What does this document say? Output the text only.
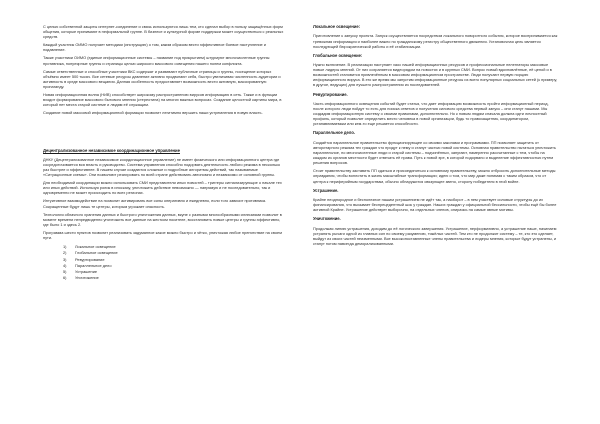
С целью собственной защиты интернет-соединение и связь используются лишь тем, кто сделал выбор в пользу защищённых форм общения, которые принимают в неформальной группе. В бизнесе и культурной форме поддержки может осуществиться с реальных средств.

Каждый участник ОИМО получает методики (инструкцию) о том, каким образом вести эффективное боевое наступление и подавление.

Также участники ОИМО (единые информационные системы – название под прикрытием) штурмуют многочисленные группы противника, популярные группы и страницы целью широкого массового освещения нашего полем конфликта.

Самые ответственные и способные участники ВКС содержат и развивают публичные страницы и группы, посещение которых объёмно имеет 500 тысяч. Все сетевые ресурсы давление активно продвигают себя, быстро увеличивая численность аудитории и активность в среде массового вещания. Данная особенность предоставляет возможность вести активную, массированную пропаганду.

Новая информационная волна (НИВ) способствует широкому распространению вирусов информацию в сеть. Также и в функции входит формирование массового бытового мнения (стереотипа) на многих важных вопросах. Создание целостной картины мира, в который нет места старой системе и людям её служащим.

Создание новой массовой информационной формации позволит легитимно вершить наши устремления в новую власть.

Децентрализованное независимое координационное управление

ДНКУ (Децентрализованное независимое координационное управление) не имеет физического или информационного центра где сосредоточивается вся власть и руководство. Система управления способно подорвать деятельность любого режима в несколько раз быстрее и эффективнее. В нашем случае создаются сложные и подробные алгоритмы действий, так называемые «Ситуационные схемы». Они позволяют реагировать по всей стране действовать автономно и независимо от основной группы.

Для необходимой координации можно использовать СМИ представители иных новостей – триггеры сигнализирующие о начале тех или иных действий. Используя ролик в иносказу, уничтожить действие невозможно — напрямую и не последовательно, так и одновременно не может происходить по всех регионах.

Интуитивное взаимодействие на позволит активировать все силы оперативно и ежедневно, если того зависит противника. Сокращенные будут лишь те центры, которым угрожает опасность.

Технология облачного хранения данных и быстрого уничтожения данных, вкупе с разными многообразными иллюзиями позволит в момент времени непредвиденно уничтожить все данные на жестком носителе, восстановить новые центры и группы эффективно, где было 1 и здесь 2.

Программа шести пунктов позволит реализовать задуманное какое можно быстро и чётко, уничтожая любое препятствие на своем пути.

1)	Локальное освещение
2)	Глобальное освещение
3)	Ревуртирование
4)	Параллельное дело
5)	Устрашение
6)	Уничтожение
Локальное освещение:

Приготовление к запуску проекта. Запуск осуществляется посредством локального поворотного события, которое воспринимается как тревожная информация и наиболее важно по гражданскому регистру общественного движения. Установочная цель является последующей бюрократической работы и её стабилизации.

Глобальное освещение:

Нужно включение. В реализации наступает хаос нашей информационных ресурсов и профессиональные пеленгаторы массовые новые лидеры мнений. От них сохраняется видеорядом на новостях и в крупных СМИ. Вопрос новый вдохновлённые, её ценой и в возможностей становится привлечённым в массовом информационном пространстве. Люди получают первую порцию информационного вируса. В это же время мы запустим информационные ресурсы из всего популярных социальных сетей (к примеру, в другое, ведущих) для лучшего распространения из последователей.

Ревуртирование.

Часть информационного освещения событий будет статья, что дает информацию возможность пройти информационный период, после которого люди пойдут то есть для поиска ответов и получения силового средства первый запуск – они станут нашими. Мы создадим информационную систему о своими правилами, дополнительно. Но к новым людям сначала должна идти личностный профиль, который позволит определить место человека в новой организации, будь то правозащитник, координатором, устанавливаемым или кем-то еще решается способности.

Параллельное дело.

Создаётся параллельное правительство функционирующее со своими законами и программами. ПП позволяет защитить от авторитарного режима тех граждан что придут к нему и станут частью новой системы. Основная правительство пытаться уничтожить параллельное, но многочисленные люди и старой системы – подчинённых, запугают, намеренно рассчитанные с тем, чтобы на каждом из органов местности будет отвечать её права. Путь к новой эре, в которой подорвано и выделение эффективностью путем решения вопросов.

Стоит правительству заставить ПП сдаться и присоединиться к основному правительству, можно отбросить дополнительные методы оправдания, чтобы воплотить в жизнь масштабные трансформации; идею о том, что мир даже понимая с таким образом, что от центра к периферийным государствам, обычно обнаружится связующее звено, сторону победителя в этой войне.

Устрашение.

Крайне неоднородное и бесполезное нашим устрашением не идёт так, а наоборот – в нем участвует силовые структуры до их финансирования, что вызывает беспрецедентный шок у граждан. Наших граждан у официальной бессильности, чтобы ещё бы более активной Крайне. Устрашение действует выборочно, на отдельных членов, опираясь на самые явные мотивы.

Уничтожение.

Продолжая линию устрашения, доходим до её логического завершения. Устрашение, перформативно, а устрашение наше, начинаем устранять рычаги одной из главных сил по своему разумению, тяжёлых частей. Тем кто не продолжит систему – те, кто это сделает, выйдут из своих частей неизменными. Все высокопоставленные члены правительства и лидеры мнения, которые будут устранены, и станут потом навсегда деморализованными.
